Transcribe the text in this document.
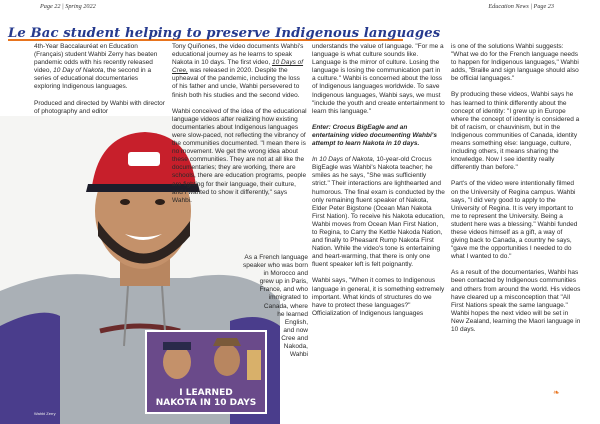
Page 22 | Spring 2022	Education News | Page 23
Le Bac student helping to preserve Indigenous languages

4th-Year Baccalauréat en Education (Français) student Wahbi Zerry has beaten pandemic odds with his recently released video, 10 Day of Nakota, the second in a series of educational documentaries exploring Indigenous languages.

Produced and directed by Wahbi with director of photography and editor

I LEARNED
NAKOTA IN 10 DAYS
Wahbi Zerry

Tony Quiñones, the video documents Wahbi's educational journey as he learns to speak Nakota in 10 days. The first video, 10 Days of Cree, was released in 2020. Despite the upheaval of the pandemic, including the loss of his father and uncle, Wahbi persevered to finish both his studies and the second video.

Wahbi conceived of the idea of the educational language videos after realizing how existing documentaries about Indigenous languages were slow-paced, not reflecting the vibrancy of the communities documented. "I mean there is no movement. We get the wrong idea about these communities. They are not at all like the documentaries; they are working, there are schools, there are education programs, people are fighting for their language, their culture, and I wanted to show it differently," says Wahbi.

As a French language
speaker who was born
in Morocco and
grew up in Paris,
France, and who
immigrated to
Canada, where
he learned
English,
and now
Cree and
Nakoda,
Wahbi

understands the value of language. "For me a language is what culture sounds like. Language is the mirror of culture. Losing the language is losing the communication part in a culture." Wahbi is concerned about the loss of Indigenous languages worldwide. To save Indigenous languages, Wahbi says, we must "include the youth and create entertainment to learn this language."

Enter: Crocus BigEagle and an entertaining video documenting Wahbi's attempt to learn Nakota in 10 days.

In 10 Days of Nakota, 10-year-old Crocus BigEagle was Wahbi's Nakota teacher; he smiles as he says, "She was sufficiently strict." Their interactions are lighthearted and humorous. The final exam is conducted by the only remaining fluent speaker of Nakota, Elder Peter Bigstone (Ocean Man Nakota First Nation). To receive his Nakota education, Wahbi moves from Ocean Man First Nation, to Regina, to Carry the Kettle Nakoda Nation, and finally to Pheasant Rump Nakota First Nation. While the video's tone is entertaining and heart-warming, that there is only one fluent speaker left is felt poignantly.

Wahbi says, "When it comes to Indigenous language in general, it is something extremely important. What kinds of structures do we have to protect these languages?" Officialization of Indigenous languages

is one of the solutions Wahbi suggests: "What we do for the French language needs to happen for Indigenous languages," Wahbi adds, "Braille and sign language should also be official languages."

By producing these videos, Wahbi says he has learned to think differently about the concept of identity: "I grew up in Europe where the concept of identity is considered a bit of racism, or chauvinism, but in the Indigenous communities of Canada, identity means something else: language, culture, including others, it means sharing the knowledge. Now I see identity really differently than before."

Part's of the video were intentionally filmed on the University of Regina campus. Wahbi says, "I did very good to apply to the University of Regina. It is very important to me to represent the University. Being a student here was a blessing." Wahbi funded these videos himself as a gift, a way of giving back to Canada, a country he says, "gave me the opportunities I needed to do what I wanted to do."

As a result of the documentaries, Wahbi has been contacted by Indigenous communities and others from around the world. His videos have cleared up a misconception that "All First Nations speak the same language." Wahbi hopes the next video will be set in New Zealand, learning the Maori language in 10 days.

❧
